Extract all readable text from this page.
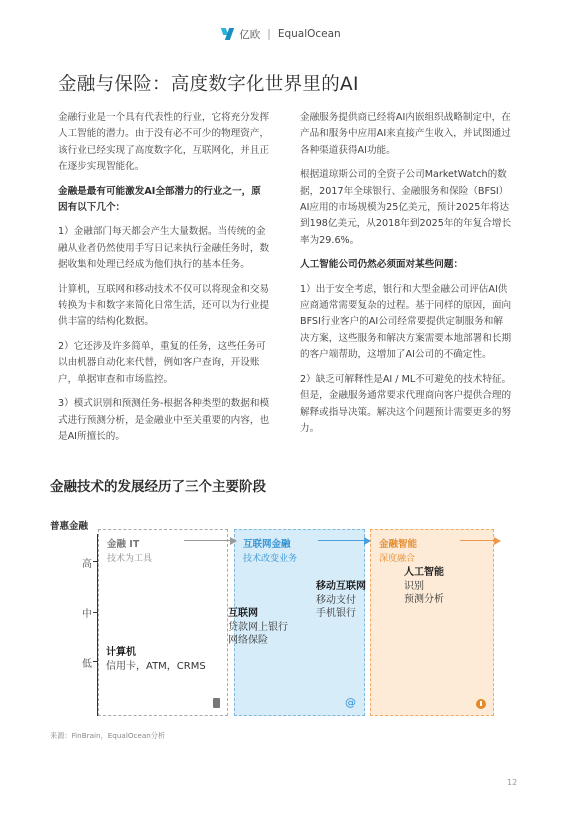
亿欧 | EqualOcean
金融与保险：高度数字化世界里的AI

金融行业是一个具有代表性的行业，它将充分发挥人工智能的潜力。由于没有必不可少的物理资产，该行业已经实现了高度数字化，互联网化，并且正在逐步实现智能化。

金融是最有可能激发AI全部潜力的行业之一，原因有以下几个：

1）金融部门每天都会产生大量数据。当传统的金融从业者仍然使用手写日记来执行金融任务时，数据收集和处理已经成为他们执行的基本任务。

计算机，互联网和移动技术不仅可以将现金和交易转换为卡和数字来简化日常生活，还可以为行业提供丰富的结构化数据。

2）它还涉及许多简单，重复的任务，这些任务可以由机器自动化来代替，例如客户查询，开设账户，单据审查和市场监控。

3）模式识别和预测任务-根据各种类型的数据和模式进行预测分析，是金融业中至关重要的内容，也是AI所擅长的。

金融服务提供商已经将AI内嵌组织战略制定中，在产品和服务中应用AI来直接产生收入，并试图通过各种渠道获得AI功能。

根据道琼斯公司的全资子公司MarketWatch的数据，2017年全球银行、金融服务和保险（BFSI）AI应用的市场规模为25亿美元，预计2025年将达到198亿美元，从2018年到2025年的年复合增长率为29.6%。

人工智能公司仍然必须面对某些问题：

1）出于安全考虑，银行和大型金融公司评估AI供应商通常需要复杂的过程。基于同样的原因，面向BFSI行业客户的AI公司经常要提供定制服务和解决方案，这些服务和解决方案需要本地部署和长期的客户端帮助，这增加了AI公司的不确定性。

2）缺乏可解释性是AI / ML不可避免的技术特征。但是，金融服务通常要求代理商向客户提供合理的解释或指导决策。解决这个问题预计需要更多的努力。

金融技术的发展经历了三个主要阶段
普惠金融
高
中
低
金融 IT
技术为工具
互联网金融
技术改变业务
金融智能
深度融合
计算机
信用卡，ATM，CRMS
互联网
贷款网上银行
网络保险
移动互联网
移动支付
手机银行
人工智能
识别
预测分析
@
来源：FinBrain，EqualOcean分析
12
